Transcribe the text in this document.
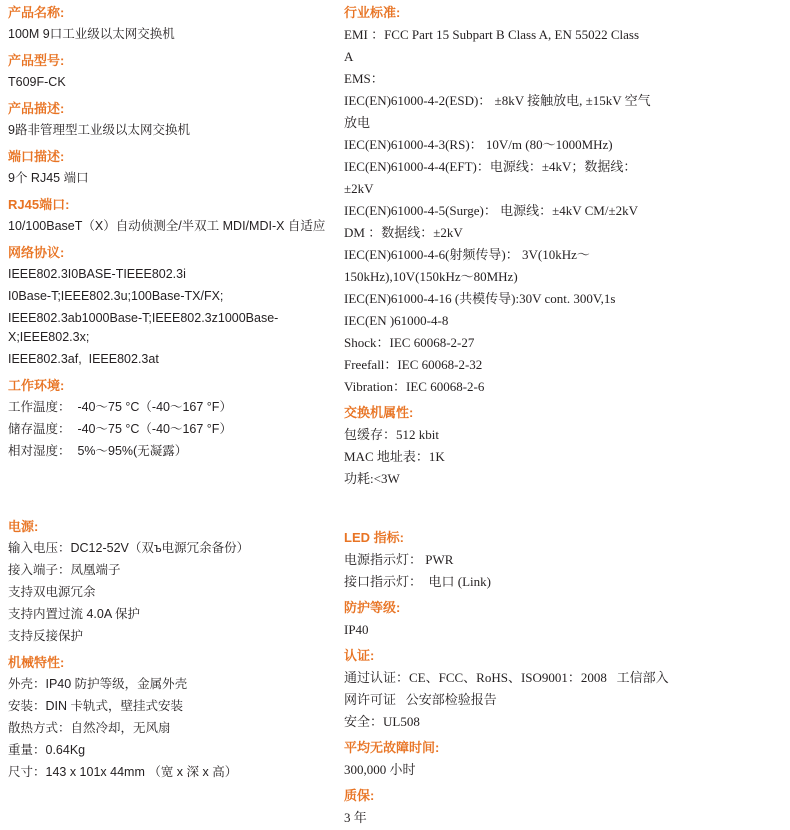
产品名称:
100M 9口工业级以太网交换机
产品型号:
T609F-CK
产品描述:
9路非管理型工业级以太网交换机
端口描述:
9个 RJ45 端口
RJ45端口:
10/100BaseT（X）自动侦测全/半双工 MDI/MDI-X 自适应
网络协议:
IEEE802.3I0BASE-TIEEE802.3i
I0Base-T;IEEE802.3u;100Base-TX/FX;
IEEE802.3ab1000Base-T;IEEE802.3z1000Base-X;IEEE802.3x;
IEEE802.3af,  IEEE802.3at
工作环境:
工作温度：  -40～75 °C（-40～167 °F）
储存温度：  -40～75 °C（-40～167 °F）
相对湿度：  5%～95%(无凝露）
电源:
输入电压：DC12-52V（双ъ电源冗余备份）
接入端子：凤凰端子
支持双电源冗余
支持内置过流 4.0A 保护
支持反接保护
机械特性:
外壳：IP40 防护等级，金属外壳
安装：DIN 卡轨式，壁挂式安装
散热方式：自然冷却，无风扇
重量：0.64Kg
尺寸：143 x 101x 44mm （宽 x 深 x 高）
行业标准:
EMI ：FCC Part 15 Subpart B Class A, EN 55022 Class
A
EMS：
IEC(EN)61000-4-2(ESD)： ±8kV 接触放电, ±15kV 空气
放电
IEC(EN)61000-4-3(RS)： 10V/m (80～1000MHz)
IEC(EN)61000-4-4(EFT)：电源线：±4kV；数据线：
±2kV
IEC(EN)61000-4-5(Surge)： 电源线：±4kV CM/±2kV
DM ：数据线：±2kV
IEC(EN)61000-4-6(射频传导)： 3V(10kHz～
150kHz),10V(150kHz～80MHz)
IEC(EN)61000-4-16 (共模传导):30V cont. 300V,1s
IEC(EN )61000-4-8
Shock：IEC 60068-2-27
Freefall：IEC 60068-2-32
Vibration：IEC 60068-2-6
交换机属性:
包缓存：512 kbit
MAC 地址表：1K
功耗:<3W
LED 指标:
电源指示灯： PWR
接口指示灯：  电口 (Link)
防护等级:
IP40
认证:
通过认证：CE、FCC、RoHS、ISO9001：2008   工信部入
网许可证   公安部检验报告
安全：UL508
平均无故障时间:
300,000 小时
质保:
3 年
